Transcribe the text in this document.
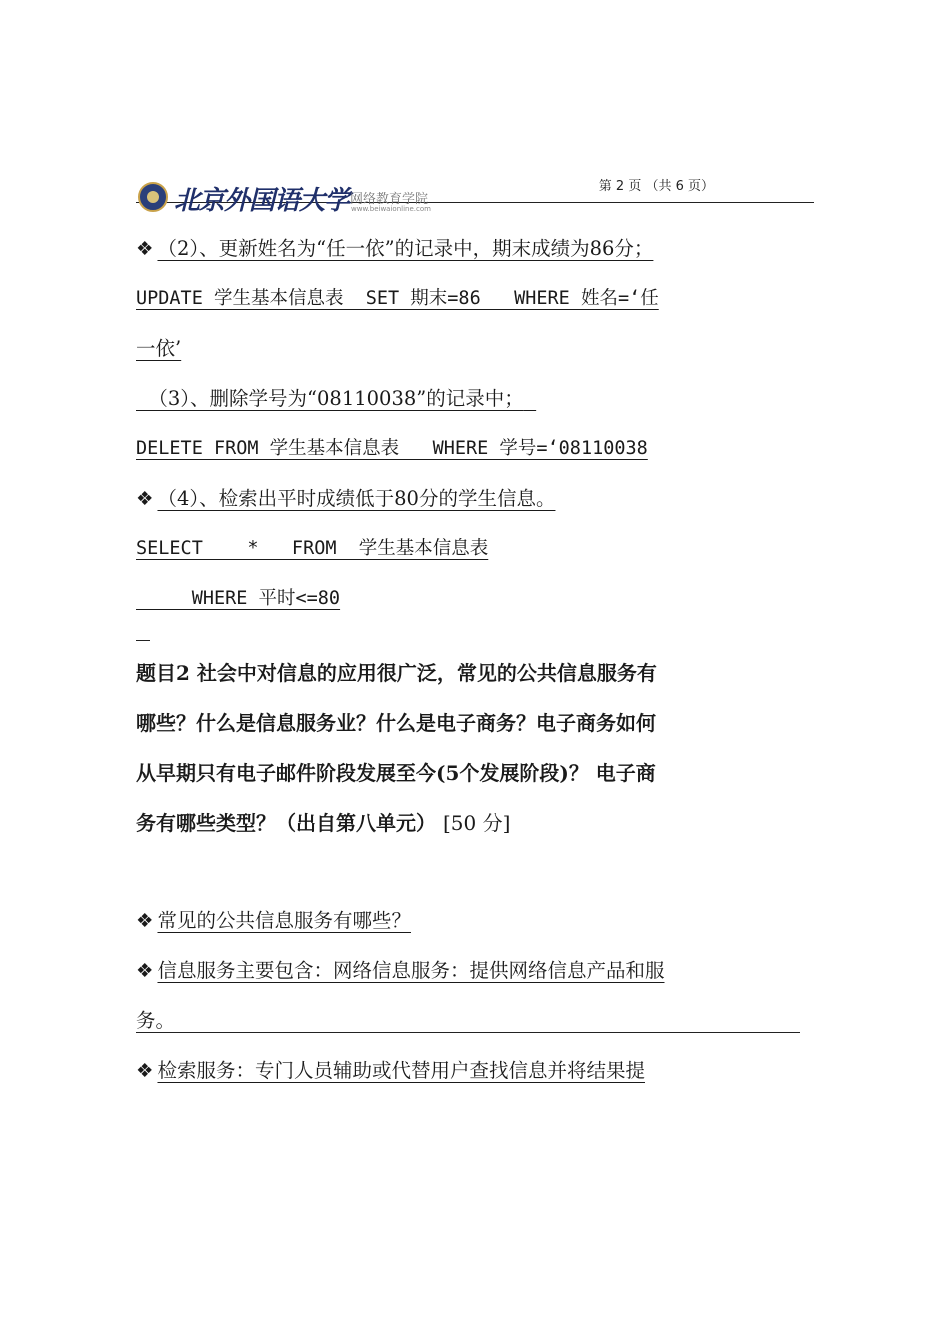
北京外国语大学 网络教育学院
www.beiwaionline.com
第 2 页 （共 6 页）
❖ （2）、更新姓名为“任一依”的记录中，期末成绩为86分；
UPDATE 学生基本信息表  SET 期末=86   WHERE 姓名=‘任
一依’
（3）、删除学号为“08110038”的记录中；
DELETE FROM 学生基本信息表   WHERE 学号=‘08110038
❖ （4）、检索出平时成绩低于80分的学生信息。
SELECT    *   FROM  学生基本信息表
WHERE 平时<=80
题目2 社会中对信息的应用很广泛，常见的公共信息服务有
哪些？什么是信息服务业？什么是电子商务？电子商务如何
从早期只有电子邮件阶段发展至今(5个发展阶段)？ 电子商
务有哪些类型？（出自第八单元） [50 分]
❖ 常见的公共信息服务有哪些？
❖ 信息服务主要包含：网络信息服务：提供网络信息产品和服
务。
❖ 检索服务：专门人员辅助或代替用户查找信息并将结果提
